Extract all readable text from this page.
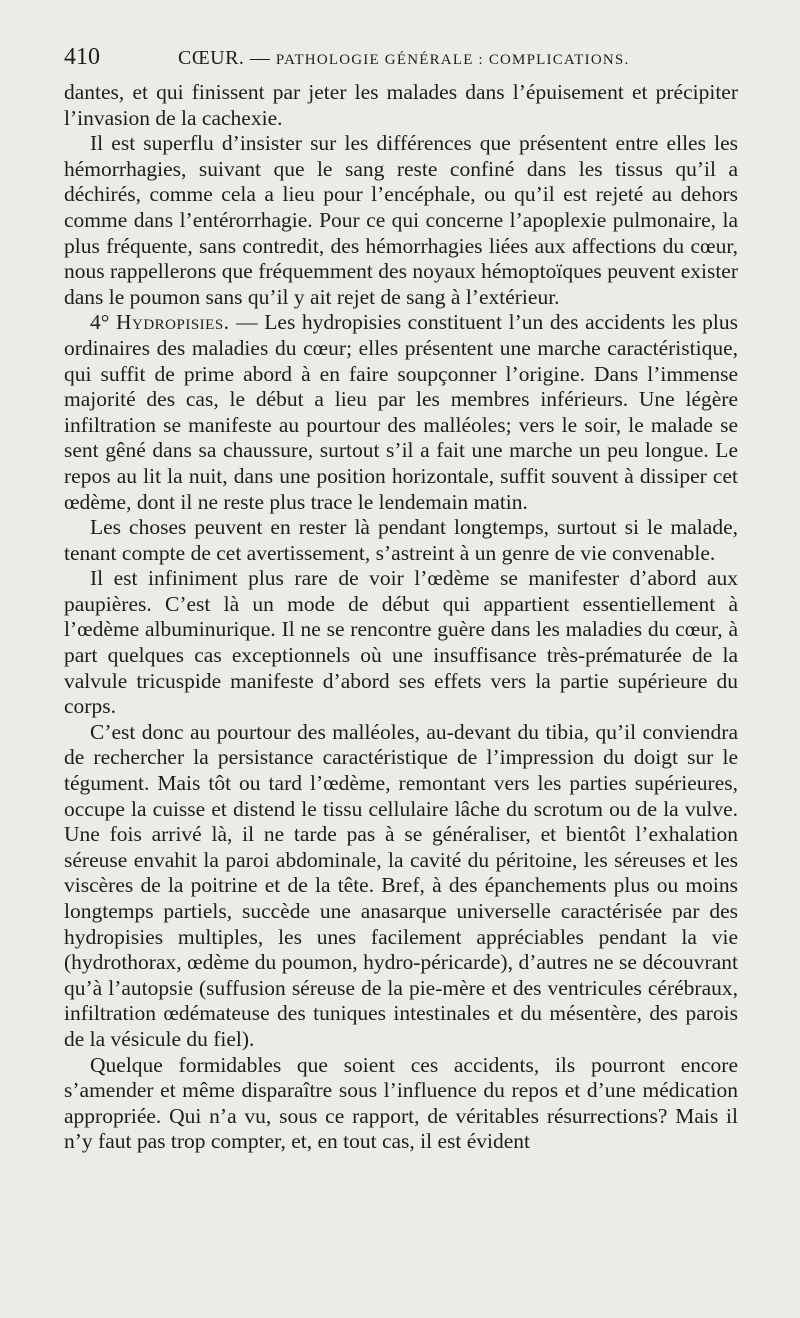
410	CŒUR. — PATHOLOGIE GÉNÉRALE : COMPLICATIONS.

dantes, et qui finissent par jeter les malades dans l’épuisement et précipiter l’invasion de la cachexie.

Il est superflu d’insister sur les différences que présentent entre elles les hémorrhagies, suivant que le sang reste confiné dans les tissus qu’il a déchirés, comme cela a lieu pour l’encéphale, ou qu’il est rejeté au dehors comme dans l’entérorrhagie. Pour ce qui concerne l’apoplexie pulmonaire, la plus fréquente, sans contredit, des hémorrhagies liées aux affections du cœur, nous rappellerons que fréquemment des noyaux hémoptoïques peuvent exister dans le poumon sans qu’il y ait rejet de sang à l’extérieur.

4° Hydropisies. — Les hydropisies constituent l’un des accidents les plus ordinaires des maladies du cœur; elles présentent une marche caractéristique, qui suffit de prime abord à en faire soupçonner l’origine. Dans l’immense majorité des cas, le début a lieu par les membres inférieurs. Une légère infiltration se manifeste au pourtour des malléoles; vers le soir, le malade se sent gêné dans sa chaussure, surtout s’il a fait une marche un peu longue. Le repos au lit la nuit, dans une position horizontale, suffit souvent à dissiper cet œdème, dont il ne reste plus trace le lendemain matin.

Les choses peuvent en rester là pendant longtemps, surtout si le malade, tenant compte de cet avertissement, s’astreint à un genre de vie convenable.

Il est infiniment plus rare de voir l’œdème se manifester d’abord aux paupières. C’est là un mode de début qui appartient essentiellement à l’œdème albuminurique. Il ne se rencontre guère dans les maladies du cœur, à part quelques cas exceptionnels où une insuffisance très-prématurée de la valvule tricuspide manifeste d’abord ses effets vers la partie supérieure du corps.

C’est donc au pourtour des malléoles, au-devant du tibia, qu’il conviendra de rechercher la persistance caractéristique de l’impression du doigt sur le tégument. Mais tôt ou tard l’œdème, remontant vers les parties supérieures, occupe la cuisse et distend le tissu cellulaire lâche du scrotum ou de la vulve. Une fois arrivé là, il ne tarde pas à se généraliser, et bientôt l’exhalation séreuse envahit la paroi abdominale, la cavité du péritoine, les séreuses et les viscères de la poitrine et de la tête. Bref, à des épanchements plus ou moins longtemps partiels, succède une anasarque universelle caractérisée par des hydropisies multiples, les unes facilement appréciables pendant la vie (hydrothorax, œdème du poumon, hydro-péricarde), d’autres ne se découvrant qu’à l’autopsie (suffusion séreuse de la pie-mère et des ventricules cérébraux, infiltration œdémateuse des tuniques intestinales et du mésentère, des parois de la vésicule du fiel).

Quelque formidables que soient ces accidents, ils pourront encore s’amender et même disparaître sous l’influence du repos et d’une médication appropriée. Qui n’a vu, sous ce rapport, de véritables résurrections? Mais il n’y faut pas trop compter, et, en tout cas, il est évident
